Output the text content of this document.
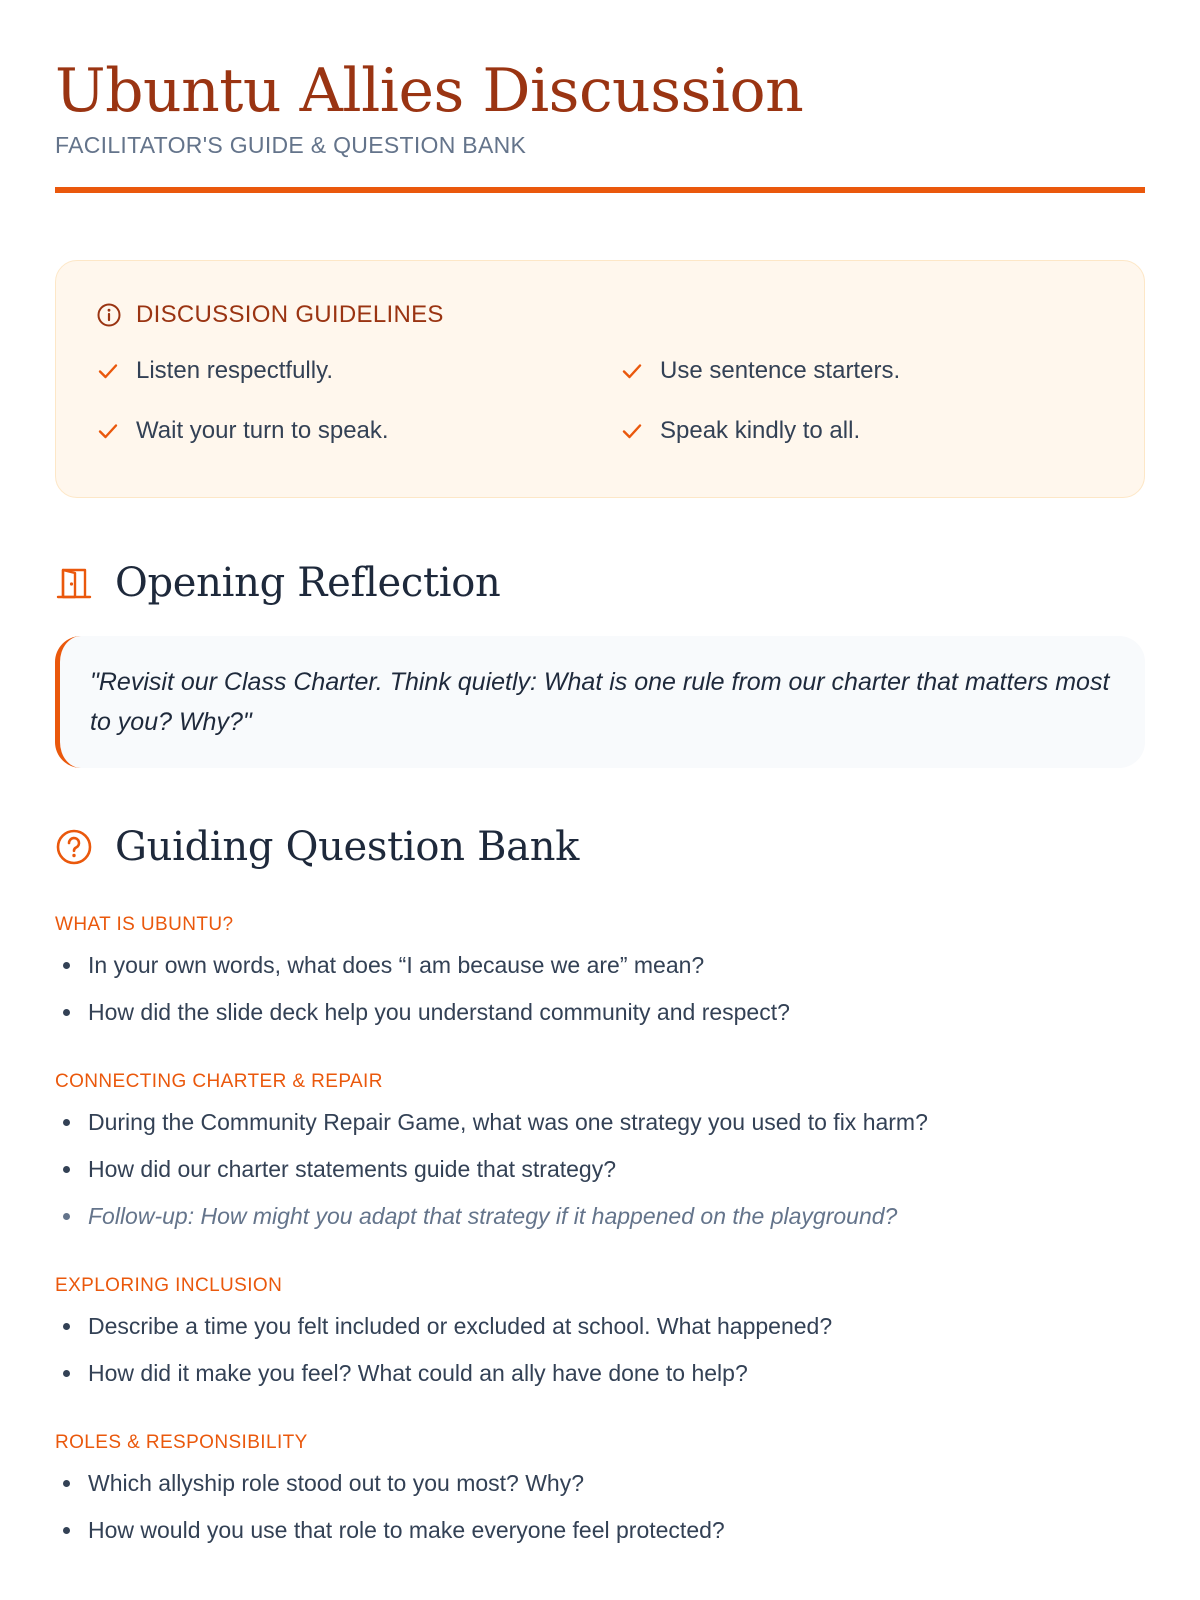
Ubuntu Allies Discussion
FACILITATOR'S GUIDE & QUESTION BANK
DISCUSSION GUIDELINES
Listen respectfully.	Use sentence starters.
Wait your turn to speak.	Speak kindly to all.
Opening Reflection
"Revisit our Class Charter. Think quietly: What is one rule from our charter that matters most to you? Why?"
Guiding Question Bank
WHAT IS UBUNTU?
In your own words, what does “I am because we are” mean?
How did the slide deck help you understand community and respect?
CONNECTING CHARTER & REPAIR
During the Community Repair Game, what was one strategy you used to fix harm?
How did our charter statements guide that strategy?
Follow-up: How might you adapt that strategy if it happened on the playground?
EXPLORING INCLUSION
Describe a time you felt included or excluded at school. What happened?
How did it make you feel? What could an ally have done to help?
ROLES & RESPONSIBILITY
Which allyship role stood out to you most? Why?
How would you use that role to make everyone feel protected?
